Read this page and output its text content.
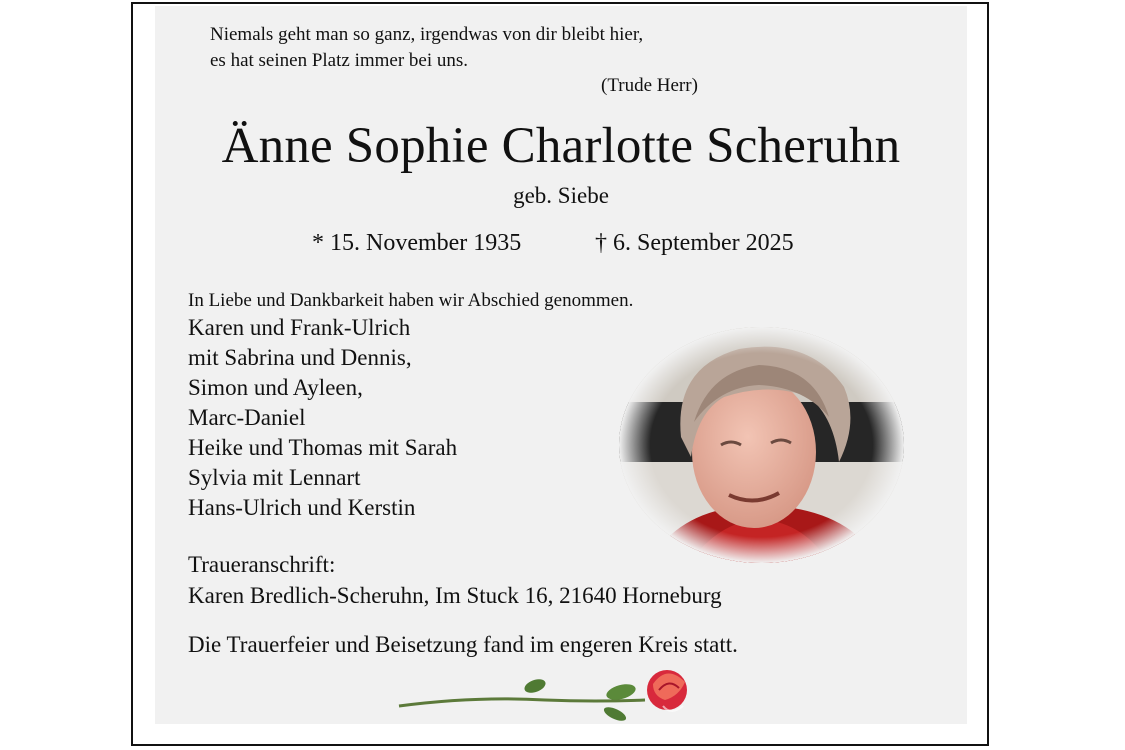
Niemals geht man so ganz, irgendwas von dir bleibt hier,

es hat seinen Platz immer bei uns.

(Trude Herr)

Änne Sophie Charlotte Scheruhn

geb. Siebe

* 15. November 1935	† 6. September 2025

In Liebe und Dankbarkeit haben wir Abschied genommen.

Karen und Frank-Ulrich
mit Sabrina und Dennis,
Simon und Ayleen,
Marc-Daniel
Heike und Thomas mit Sarah
Sylvia mit Lennart
Hans-Ulrich und Kerstin

Traueranschrift:

Karen Bredlich-Scheruhn, Im Stuck 16, 21640 Horneburg

Die Trauerfeier und Beisetzung fand im engeren Kreis statt.
